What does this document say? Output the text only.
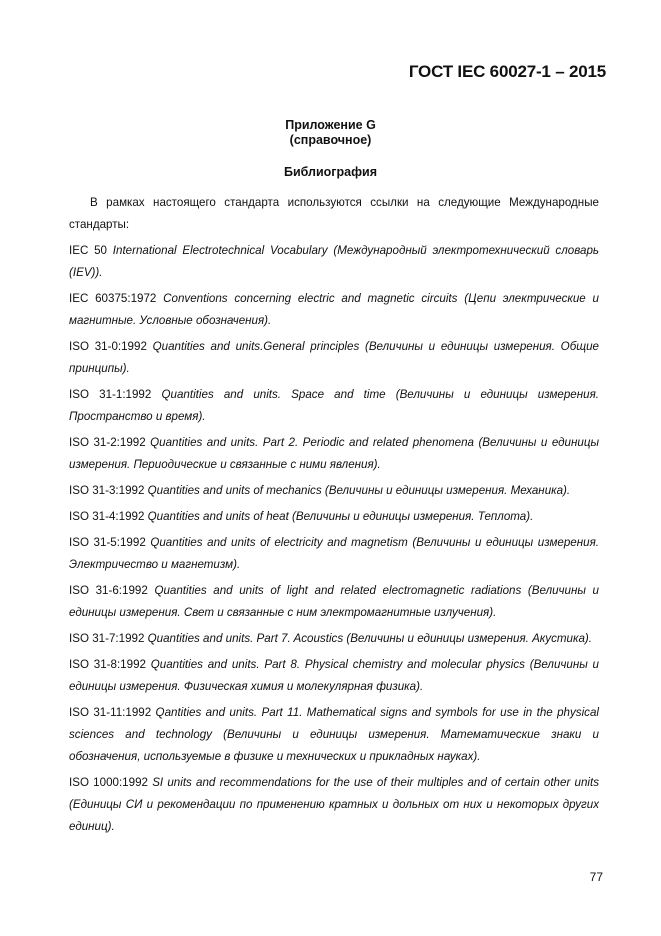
ГОСТ IEC 60027-1 – 2015
Приложение G
(справочное)
Библиография

В рамках настоящего стандарта используются ссылки на следующие Международные стандарты:

IEC 50 International Electrotechnical Vocabulary (Международный электротехнический словарь (IEV)).

IEC 60375:1972 Conventions concerning electric and magnetic circuits (Цепи электрические и магнитные. Условные обозначения).

ISO 31-0:1992 Quantities and units.General principles (Величины и единицы измерения. Общие принципы).

ISO 31-1:1992 Quantities and units. Space and time (Величины и единицы измерения. Пространство и время).

ISO 31-2:1992 Quantities and units. Part 2. Periodic and related phenomena (Величины и единицы измерения. Периодические и связанные с ними явления).

ISO 31-3:1992 Quantities and units of mechanics (Величины и единицы измерения. Механика).

ISO 31-4:1992 Quantities and units of heat (Величины и единицы измерения. Теплота).

ISO 31-5:1992 Quantities and units of electricity and magnetism (Величины и единицы измерения. Электричество и магнетизм).

ISO 31-6:1992 Quantities and units of light and related electromagnetic radiations (Величины и единицы измерения. Свет и связанные с ним электромагнитные излучения).

ISO 31-7:1992 Quantities and units. Part 7. Acoustics (Величины и единицы измерения. Акустика).

ISO 31-8:1992 Quantities and units. Part 8. Physical chemistry and molecular physics (Величины и единицы измерения. Физическая химия и молекулярная физика).

ISO 31-11:1992 Qantities and units. Part 11. Mathematical signs and symbols for use in the physical sciences and technology (Величины и единицы измерения. Математические знаки и обозначения, используемые в физике и технических и прикладных науках).

ISO 1000:1992 SI units and recommendations for the use of their multiples and of certain other units (Единицы СИ и рекомендации по применению кратных и дольных от них и некоторых других единиц).

77
